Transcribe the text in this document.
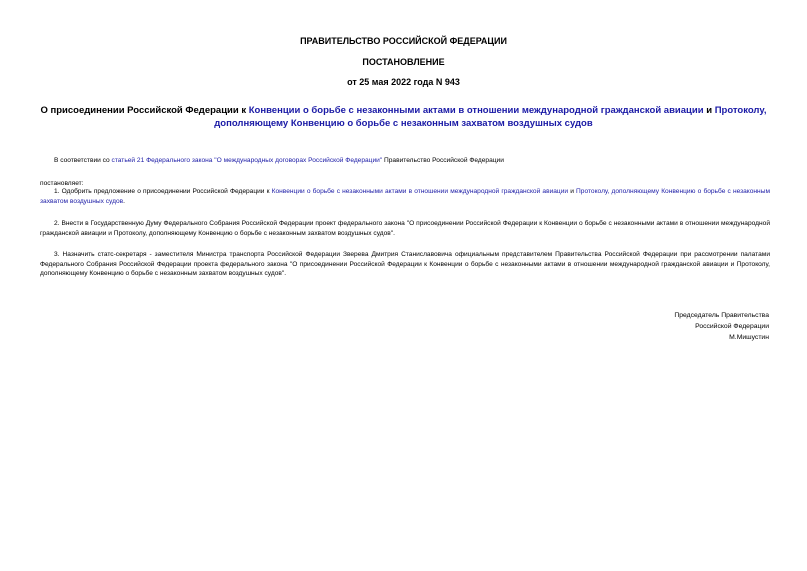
ПРАВИТЕЛЬСТВО РОССИЙСКОЙ ФЕДЕРАЦИИ
ПОСТАНОВЛЕНИЕ
от 25 мая 2022 года N 943
О присоединении Российской Федерации к Конвенции о борьбе с незаконными актами в отношении международной гражданской авиации и Протоколу, дополняющему Конвенцию о борьбе с незаконным захватом воздушных судов
В соответствии со статьей 21 Федерального закона "О международных договорах Российской Федерации" Правительство Российской Федерации
постановляет:
1. Одобрить предложение о присоединении Российской Федерации к Конвенции о борьбе с незаконными актами в отношении международной гражданской авиации и Протоколу, дополняющему Конвенцию о борьбе с незаконным захватом воздушных судов.
2. Внести в Государственную Думу Федерального Собрания Российской Федерации проект федерального закона "О присоединении Российской Федерации к Конвенции о борьбе с незаконными актами в отношении международной гражданской авиации и Протоколу, дополняющему Конвенцию о борьбе с незаконным захватом воздушных судов".
3. Назначить статс-секретаря - заместителя Министра транспорта Российской Федерации Зверева Дмитрия Станиславовича официальным представителем Правительства Российской Федерации при рассмотрении палатами Федерального Собрания Российской Федерации проекта федерального закона "О присоединении Российской Федерации к Конвенции о борьбе с незаконными актами в отношении международной гражданской авиации и Протоколу, дополняющему Конвенцию о борьбе с незаконным захватом воздушных судов".
Председатель Правительства
Российской Федерации
М.Мишустин
